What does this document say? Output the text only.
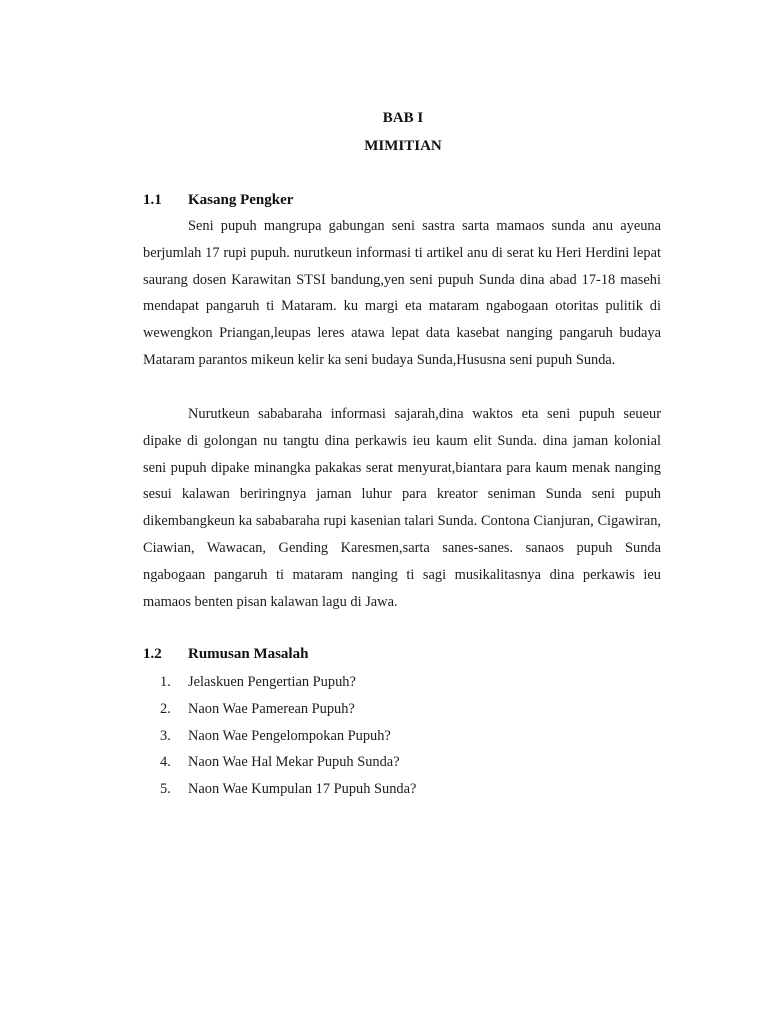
BAB I
MIMITIAN
1.1 Kasang Pengker

Seni pupuh mangrupa gabungan seni sastra sarta mamaos sunda anu ayeuna berjumlah 17 rupi pupuh. nurutkeun informasi ti artikel anu di serat ku Heri Herdini lepat saurang dosen Karawitan STSI bandung,yen seni pupuh Sunda dina abad 17-18 masehi mendapat pangaruh ti Mataram. ku margi eta mataram ngabogaan otoritas pulitik di wewengkon Priangan,leupas leres atawa lepat data kasebat nanging pangaruh budaya Mataram parantos mikeun kelir ka seni budaya Sunda,Hususna seni pupuh Sunda.

Nurutkeun sababaraha informasi sajarah,dina waktos eta seni pupuh seueur dipake di golongan nu tangtu dina perkawis ieu kaum elit Sunda. dina jaman kolonial seni pupuh dipake minangka pakakas serat menyurat,biantara para kaum menak nanging sesui kalawan beriringnya jaman luhur para kreator seniman Sunda seni pupuh dikembangkeun ka sababaraha rupi kasenian talari Sunda. Contona Cianjuran, Cigawiran, Ciawian, Wawacan, Gending Karesmen,sarta sanes-sanes. sanaos pupuh Sunda ngabogaan pangaruh ti mataram nanging ti sagi musikalitasnya dina perkawis ieu mamaos benten pisan kalawan lagu di Jawa.

1.2 Rumusan Masalah
1.	Jelaskuen Pengertian Pupuh?
2.	Naon Wae Pamerean Pupuh?
3.	Naon Wae Pengelompokan Pupuh?
4.	Naon Wae Hal Mekar Pupuh Sunda?
5.	Naon Wae Kumpulan 17 Pupuh Sunda?
